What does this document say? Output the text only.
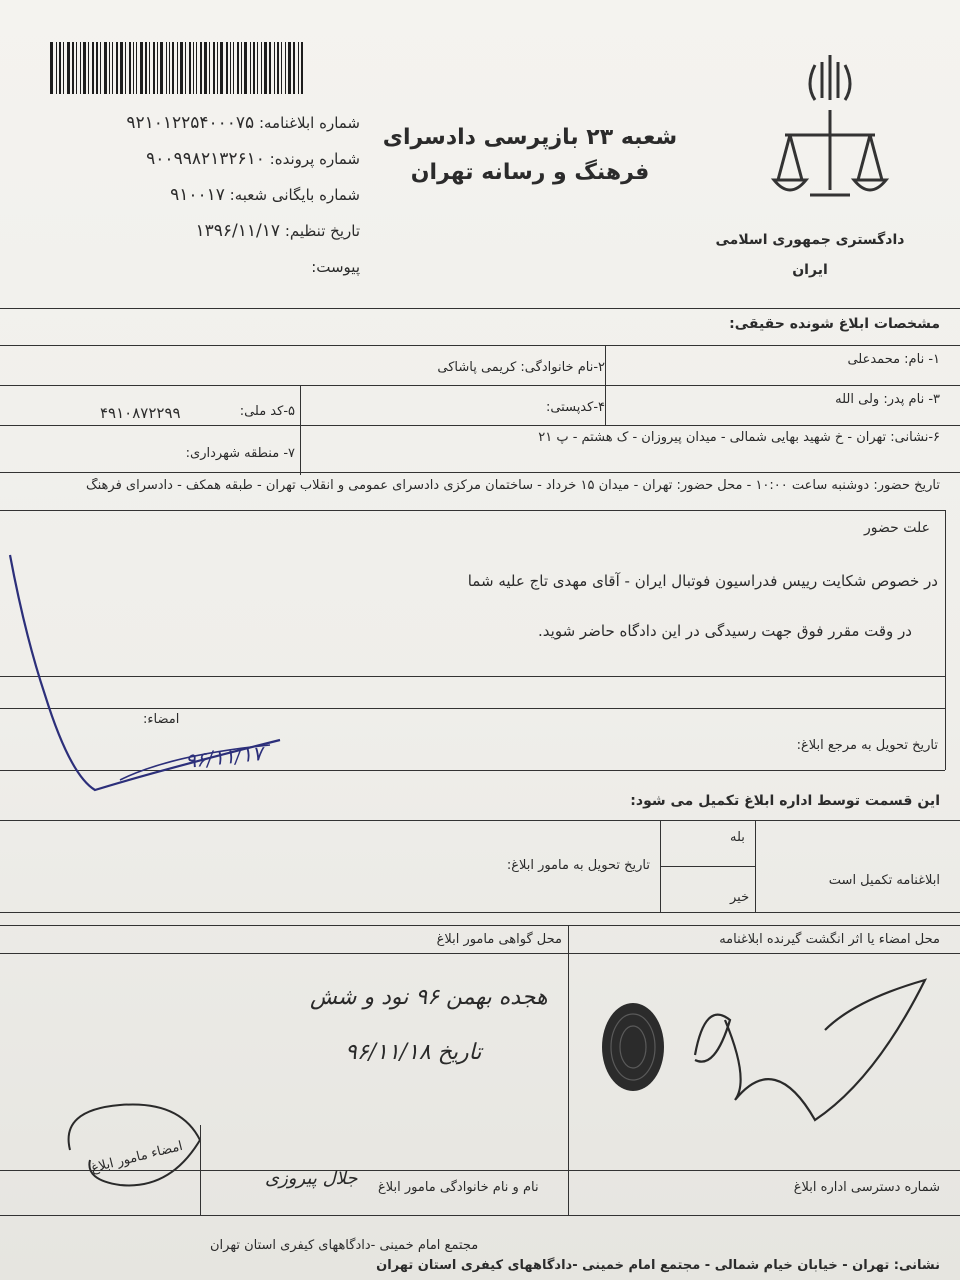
دادگستری جمهوری اسلامی
ایران
شعبه ۲۳ بازپرسی دادسرای
فرهنگ و رسانه تهران
شماره ابلاغنامه: ۹۲۱۰۱۲۲۵۴۰۰۰۷۵
شماره پرونده: ۹۰۰۹۹۸۲۱۳۲۶۱۰
شماره بایگانی شعبه: ۹۱۰۰۱۷
تاریخ تنظیم: ۱۳۹۶/۱۱/۱۷
پیوست:
مشخصات ابلاغ شونده حقیقی:
۱- نام: محمدعلی
۲-نام خانوادگی: کریمی پاشاکی
۳- نام پدر: ولی الله
۴-کدپستی:
۵-کد ملی:
۴۹۱۰۸۷۲۲۹۹
۶-نشانی: تهران - خ شهید بهایی شمالی - میدان پیروزان - ک هشتم - پ ۲۱
۷- منطقه شهرداری:
تاریخ حضور: دوشنبه ساعت ۱۰:۰۰ - محل حضور: تهران - میدان ۱۵ خرداد - ساختمان مرکزی دادسرای عمومی و انقلاب تهران - طبقه همکف - دادسرای فرهنگ
علت حضور
در خصوص شکایت رییس فدراسیون فوتبال ایران - آقای مهدی تاج علیه شما
در وقت مقرر فوق جهت رسیدگی در این دادگاه حاضر شوید.
امضاء:
تاریخ تحویل به مرجع ابلاغ:
۹۶/۱۱/۱۷
این قسمت توسط اداره ابلاغ تکمیل می شود:
بله
خیر
ابلاغنامه تکمیل است
تاریخ تحویل به مامور ابلاغ:
محل گواهی مامور ابلاغ	محل امضاء یا اثر انگشت گیرنده ابلاغنامه
هجده بهمن ۹۶ نود و شش
۹۶/۱۱/۱۸ تاریخ
امضاء مامور ابلاغ
نام و نام خانوادگی مامور ابلاغ
جلال پیروزی	شماره دسترسی اداره ابلاغ
مجتمع امام خمینی -دادگاههای کیفری استان تهران
نشانی: تهران - خیابان خیام شمالی - مجتمع امام خمینی -دادگاههای کیفری استان تهران
